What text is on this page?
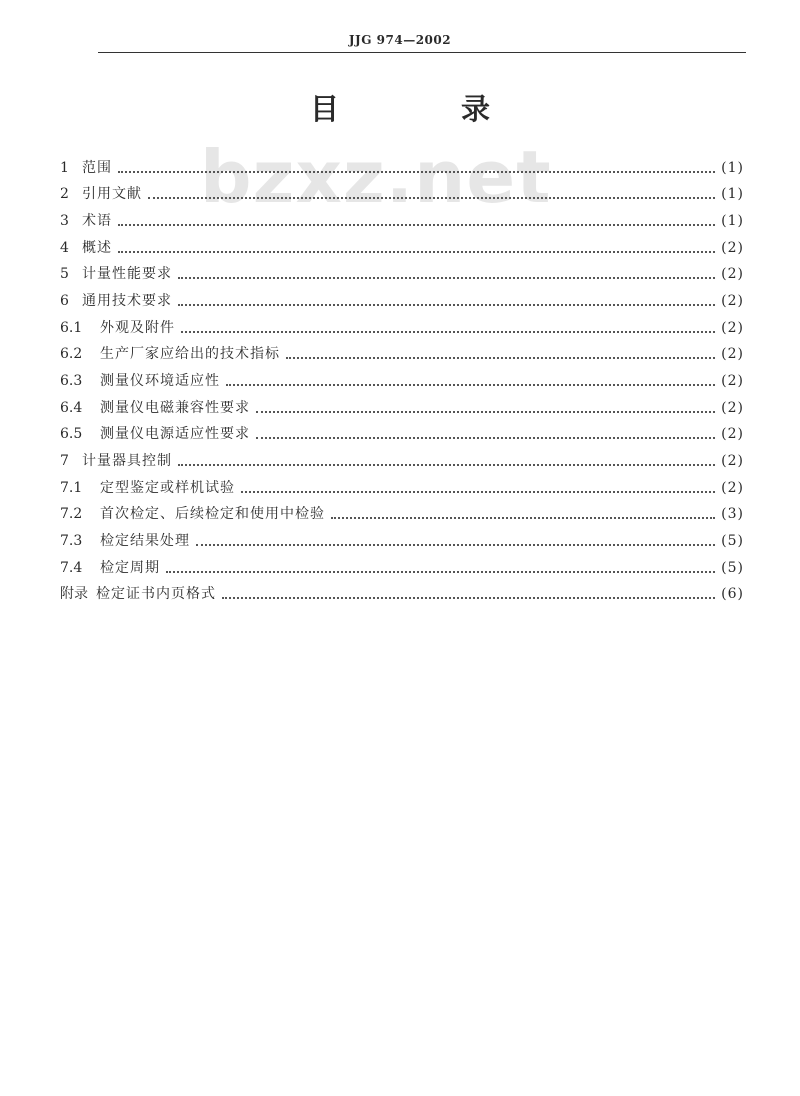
JJG 974—2002
bzxz.net
目 录
1 范围	(1)
2 引用文献	(1)
3 术语	(1)
4 概述	(2)
5 计量性能要求	(2)
6 通用技术要求	(2)
6.1	外观及附件	(2)
6.2	生产厂家应给出的技术指标	(2)
6.3	测量仪环境适应性	(2)
6.4	测量仪电磁兼容性要求	(2)
6.5	测量仪电源适应性要求	(2)
7 计量器具控制	(2)
7.1	定型鉴定或样机试验	(2)
7.2	首次检定、后续检定和使用中检验	(3)
7.3	检定结果处理	(5)
7.4	检定周期	(5)
附录 检定证书内页格式	(6)
